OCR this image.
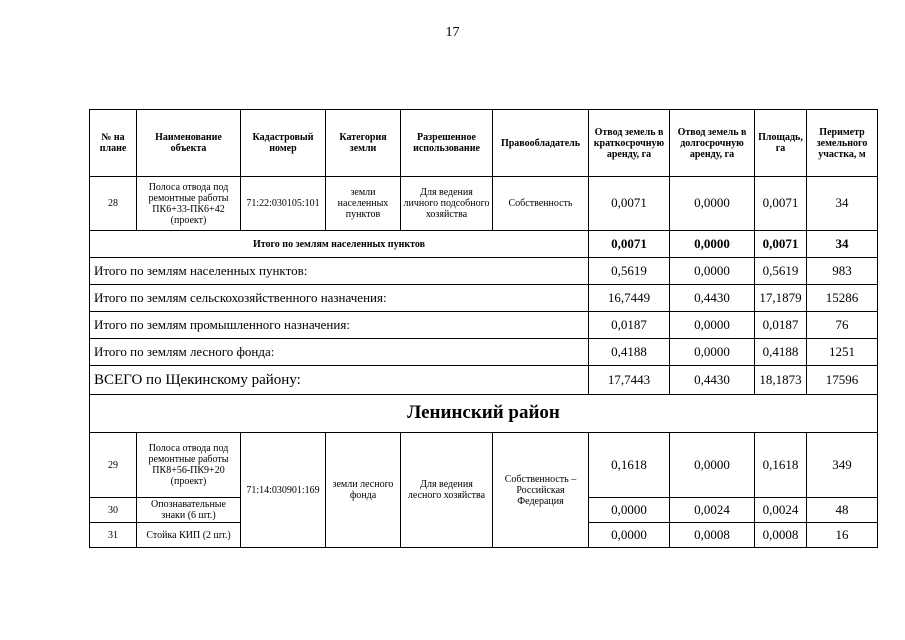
17
№ на плане	Наименование объекта	Кадастровый номер	Категория земли	Разрешенное использование	Правообладатель	Отвод земель в краткосрочную аренду, га	Отвод земель в долгосрочную аренду, га	Площадь, га	Периметр земельного участка, м
28	Полоса отвода под ремонтные работы ПК6+33-ПК6+42 (проект)	71:22:030105:101	земли населенных пунктов	Для ведения личного подсобного хозяйства	Собственность	0,0071	0,0000	0,0071	34
Итого по землям населенных пунктов						0,0071	0,0000	0,0071	34
Итого по землям населенных пунктов:						0,5619	0,0000	0,5619	983
Итого по землям сельскохозяйственного назначения:						16,7449	0,4430	17,1879	15286
Итого по землям промышленного назначения:						0,0187	0,0000	0,0187	76
Итого по землям лесного фонда:						0,4188	0,0000	0,4188	1251
ВСЕГО по Щекинскому району:						17,7443	0,4430	18,1873	17596
Ленинский район									
29	Полоса отвода под ремонтные работы ПК8+56-ПК9+20 (проект)	71:14:030901:169	земли лесного фонда	Для ведения лесного хозяйства	Собственность – Российская Федерация	0,1618	0,0000	0,1618	349
30	Опознавательные знаки (6 шт.)					0,0000	0,0024	0,0024	48
31	Стойка КИП (2 шт.)					0,0000	0,0008	0,0008	16
